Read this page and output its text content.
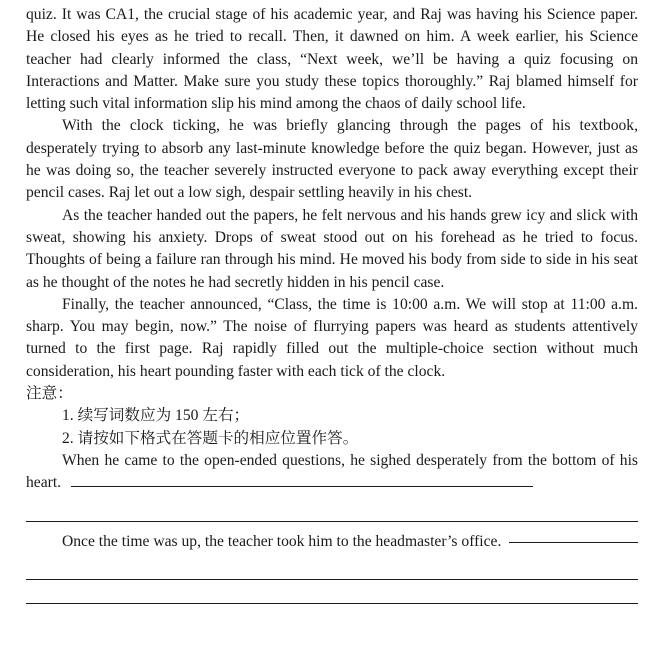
quiz. It was CA1, the crucial stage of his academic year, and Raj was having his Science paper. He closed his eyes as he tried to recall. Then, it dawned on him. A week earlier, his Science teacher had clearly informed the class, “Next week, we’ll be having a quiz focusing on Interactions and Matter. Make sure you study these topics thoroughly.” Raj blamed himself for letting such vital information slip his mind among the chaos of daily school life.

With the clock ticking, he was briefly glancing through the pages of his textbook, desperately trying to absorb any last-minute knowledge before the quiz began. However, just as he was doing so, the teacher severely instructed everyone to pack away everything except their pencil cases. Raj let out a low sigh, despair settling heavily in his chest.

As the teacher handed out the papers, he felt nervous and his hands grew icy and slick with sweat, showing his anxiety. Drops of sweat stood out on his forehead as he tried to focus. Thoughts of being a failure ran through his mind. He moved his body from side to side in his seat as he thought of the notes he had secretly hidden in his pencil case.

Finally, the teacher announced, “Class, the time is 10:00 a.m. We will stop at 11:00 a.m. sharp. You may begin, now.” The noise of flurrying papers was heard as students attentively turned to the first page. Raj rapidly filled out the multiple-choice section without much consideration, his heart pounding faster with each tick of the clock.

注意：

1. 续写词数应为 150 左右；

2. 请按如下格式在答题卡的相应位置作答。

When he came to the open-ended questions, he sighed desperately from the bottom of his heart.

Once the time was up, the teacher took him to the headmaster’s office.
